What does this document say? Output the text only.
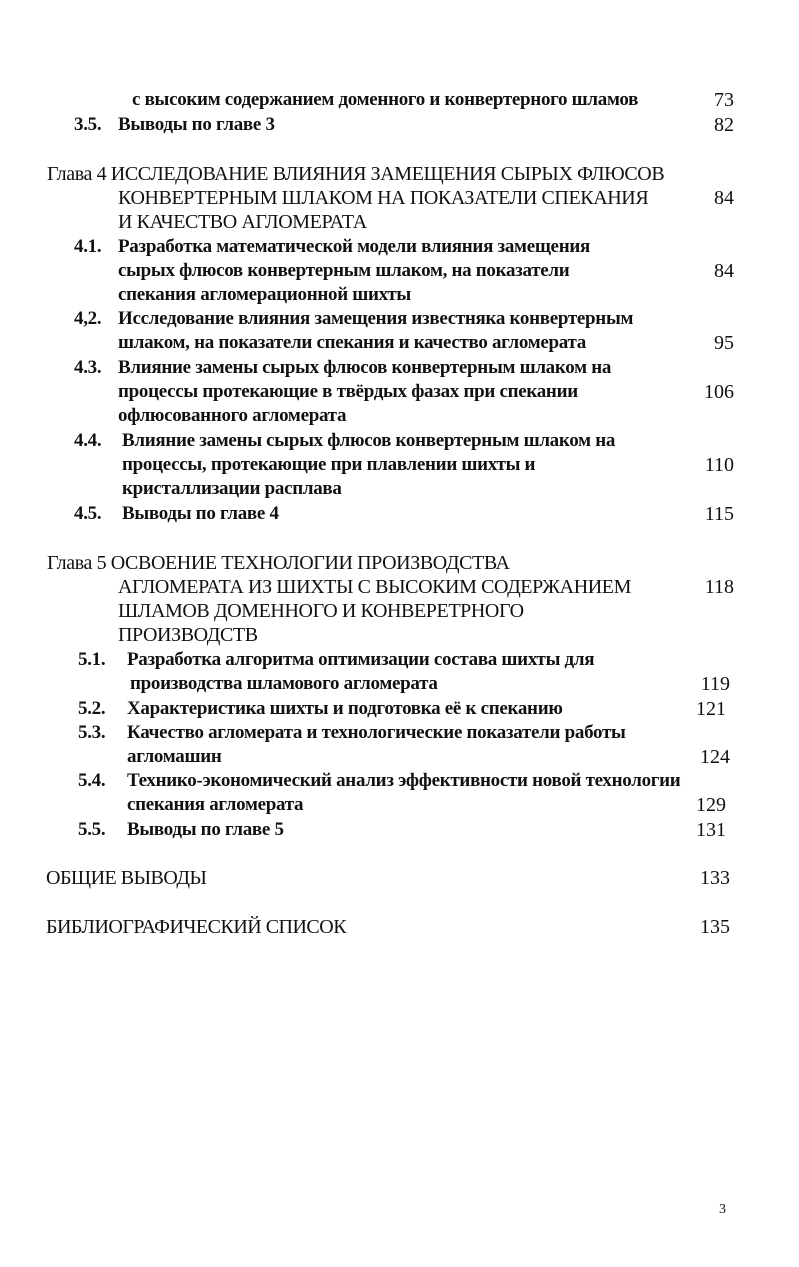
с высоким содержанием доменного и конвертерного шламов	73
3.5. Выводы по главе 3	82
Глава 4 ИССЛЕДОВАНИЕ ВЛИЯНИЯ ЗАМЕЩЕНИЯ СЫРЫХ ФЛЮСОВ
КОНВЕРТЕРНЫМ ШЛАКОМ НА ПОКАЗАТЕЛИ СПЕКАНИЯ	84
И КАЧЕСТВО АГЛОМЕРАТА
4.1. Разработка математической модели влияния замещения
сырых флюсов конвертерным шлаком, на показатели	84
спекания агломерационной шихты
4,2. Исследование влияния замещения известняка конвертерным
шлаком, на показатели спекания и качество агломерата	95
4.3. Влияние замены сырых флюсов конвертерным шлаком на
процессы протекающие в твёрдых фазах при спекании	106
офлюсованного агломерата
4.4. Влияние замены сырых флюсов конвертерным шлаком на
процессы, протекающие при плавлении шихты и	110
кристаллизации расплава
4.5. Выводы по главе 4	115
Глава 5 ОСВОЕНИЕ ТЕХНОЛОГИИ ПРОИЗВОДСТВА
АГЛОМЕРАТА ИЗ ШИХТЫ С ВЫСОКИМ СОДЕРЖАНИЕМ	118
ШЛАМОВ ДОМЕННОГО И КОНВЕРЕТРНОГО
ПРОИЗВОДСТВ
5.1. Разработка алгоритма оптимизации состава шихты для
производства шламового агломерата	119
5.2. Характеристика шихты и подготовка её к спеканию	121
5.3. Качество агломерата и технологические показатели работы
агломашин	124
5.4. Технико-экономический анализ эффективности новой технологии
спекания агломерата	129
5.5. Выводы по главе 5	131
ОБЩИЕ ВЫВОДЫ	133
БИБЛИОГРАФИЧЕСКИЙ СПИСОК	135
3
